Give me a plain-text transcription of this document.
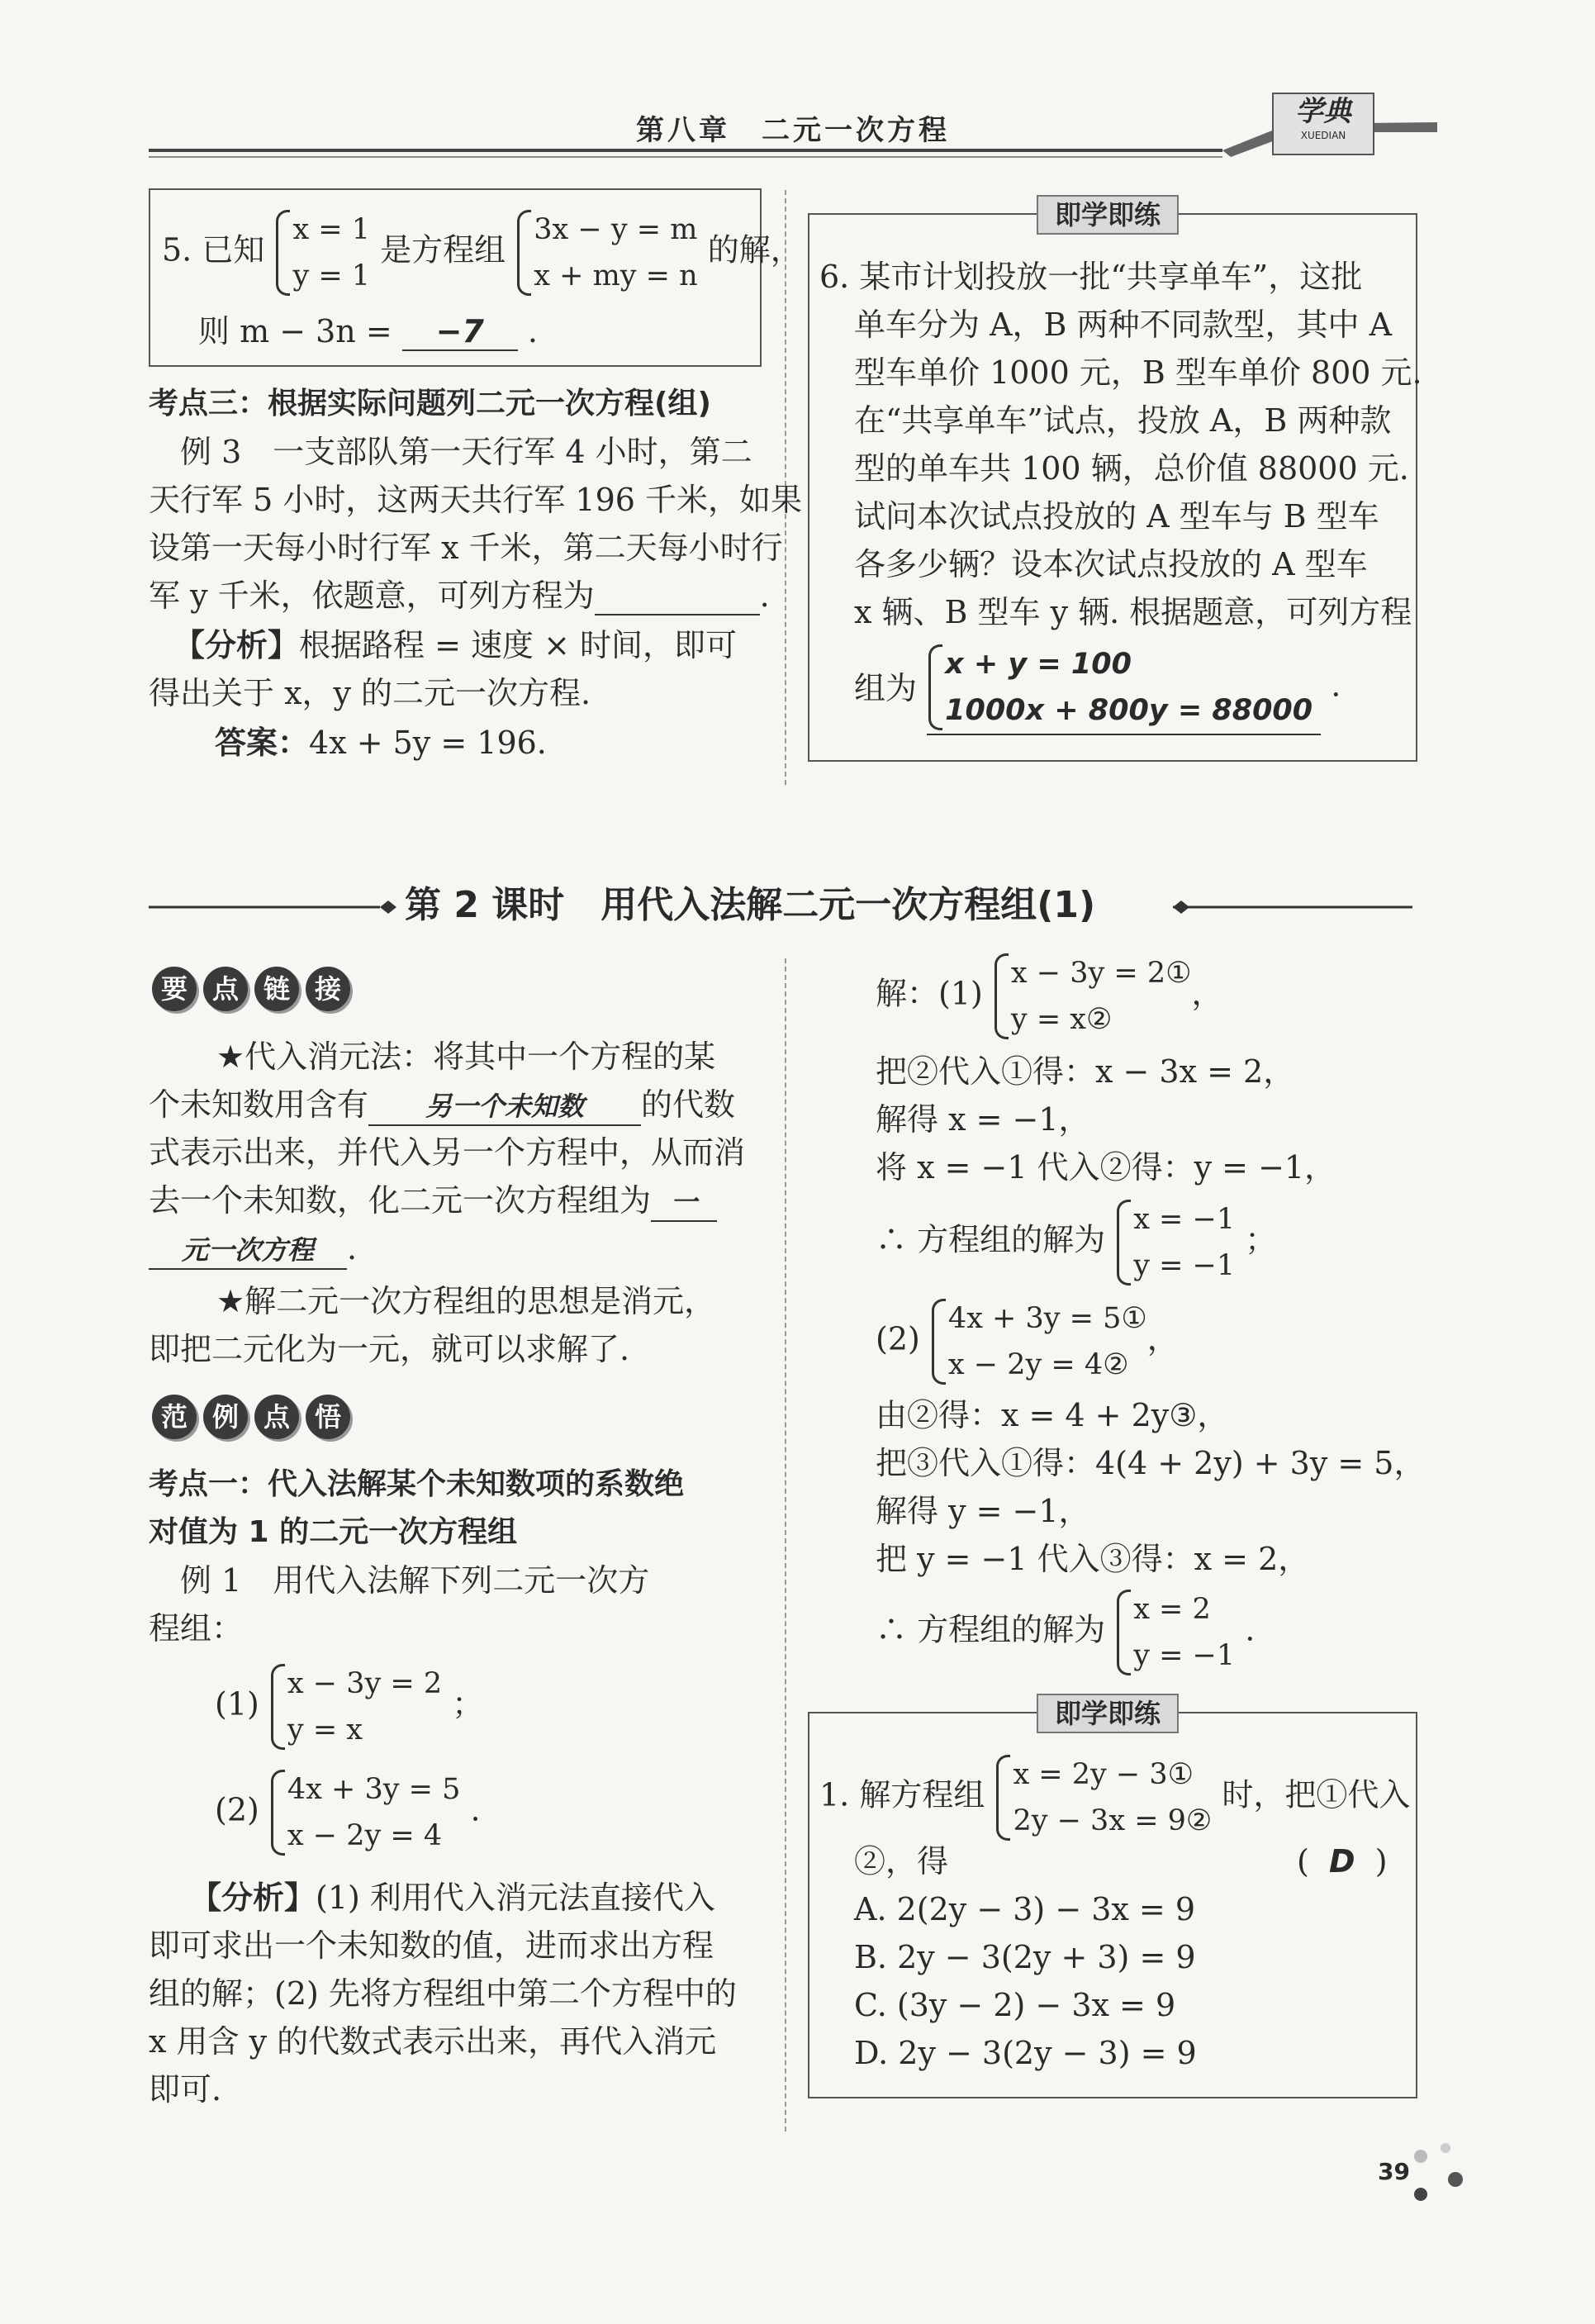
第八章　二元一次方程
学典
XUEDIAN
5. 已知
x = 1
y = 1
是方程组
3x − y = m
x + my = n
的解，
则 m − 3n = −7 .
考点三：根据实际问题列二元一次方程(组)
　例 3　一支部队第一天行军 4 小时，第二
天行军 5 小时，这两天共行军 196 千米，如果
设第一天每小时行军 x 千米，第二天每小时行
军 y 千米，依题意，可列方程为	.
【分析】根据路程 = 速度 × 时间，即可
得出关于 x，y 的二元一次方程.
答案：4x + 5y = 196.
即学即练
6. 某市计划投放一批“共享单车”，这批
单车分为 A，B 两种不同款型，其中 A
型车单价 1000 元，B 型车单价 800 元.
在“共享单车”试点，投放 A，B 两种款
型的单车共 100 辆，总价值 88000 元.
试问本次试点投放的 A 型车与 B 型车
各多少辆？设本次试点投放的 A 型车
x 辆、B 型车 y 辆. 根据题意，可列方程
组为
x + y = 100
1000x + 800y = 88000
.
第 2 课时　用代入法解二元一次方程组(1)
要 点 链 接
★代入消元法：将其中一个方程的某
个未知数用含有 另一个未知数 的代数
式表示出来，并代入另一个方程中，从而消
去一个未知数，化二元一次方程组为 一
元一次方程 .
★解二元一次方程组的思想是消元，
即把二元化为一元，就可以求解了.
范 例 点 悟
考点一：代入法解某个未知数项的系数绝
对值为 1 的二元一次方程组
　例 1　用代入法解下列二元一次方
程组：
(1)
x − 3y = 2
y = x
；
(2)
4x + 3y = 5
x − 2y = 4
.
【分析】(1) 利用代入消元法直接代入
即可求出一个未知数的值，进而求出方程
组的解；(2) 先将方程组中第二个方程中的
x 用含 y 的代数式表示出来，再代入消元
即可.
解：(1)
x − 3y = 2①
y = x②
，
把②代入①得：x − 3x = 2，
解得 x = −1，
将 x = −1 代入②得：y = −1，
∴ 方程组的解为
x = −1
y = −1
；
(2)
4x + 3y = 5①
x − 2y = 4②
，
由②得：x = 4 + 2y③，
把③代入①得：4(4 + 2y) + 3y = 5，
解得 y = −1，
把 y = −1 代入③得：x = 2，
∴ 方程组的解为
x = 2
y = −1
.
即学即练
1. 解方程组
x = 2y − 3①
2y − 3x = 9②
时，把①代入
②，得	(  D  )
A. 2(2y − 3) − 3x = 9
B. 2y − 3(2y + 3) = 9
C. (3y − 2) − 3x = 9
D. 2y − 3(2y − 3) = 9
39
